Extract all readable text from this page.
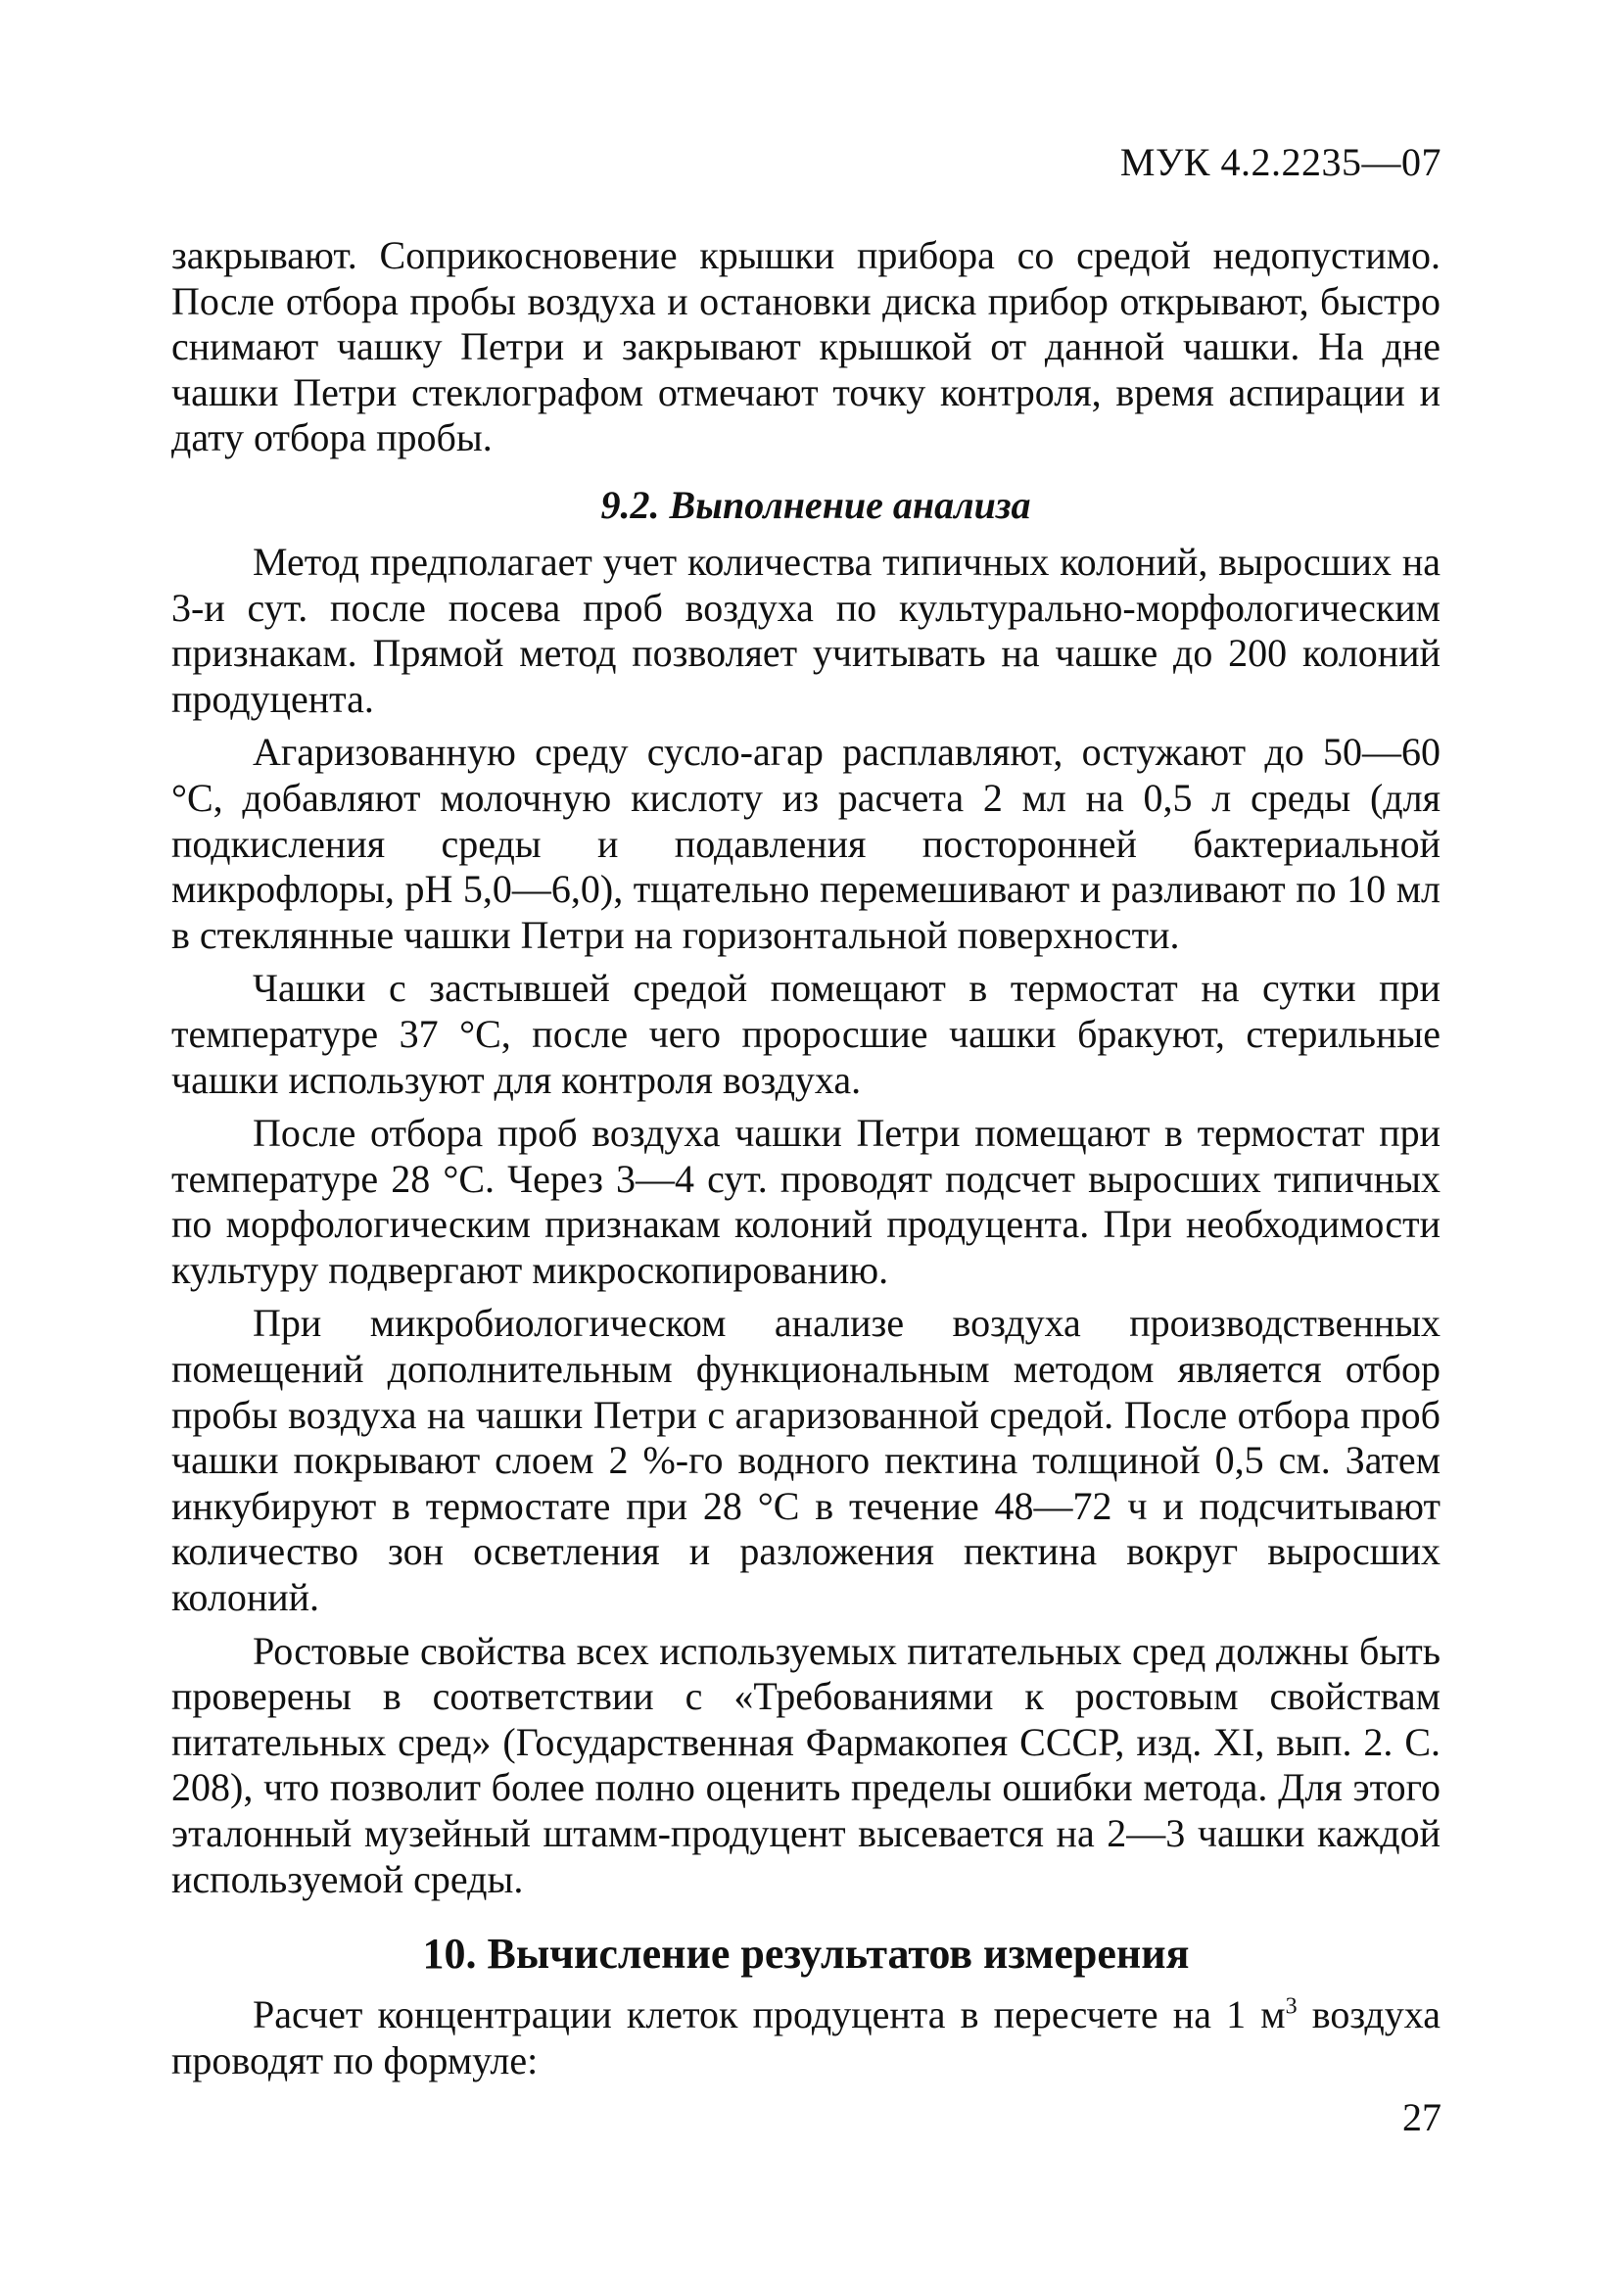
МУК 4.2.2235—07

закрывают. Соприкосновение крышки прибора со средой недопустимо. После отбора пробы воздуха и остановки диска прибор открывают, быстро снимают чашку Петри и закрывают крышкой от данной чашки. На дне чашки Петри стеклографом отмечают точку контроля, время аспирации и дату отбора пробы.

9.2. Выполнение анализа

Метод предполагает учет количества типичных колоний, выросших на 3-и сут. после посева проб воздуха по культурально-морфологическим признакам. Прямой метод позволяет учитывать на чашке до 200 колоний продуцента.

Агаризованную среду сусло-агар расплавляют, остужают до 50—60 °С, добавляют молочную кислоту из расчета 2 мл на 0,5 л среды (для подкисления среды и подавления посторонней бактериальной микрофлоры, pH 5,0—6,0), тщательно перемешивают и разливают по 10 мл в стеклянные чашки Петри на горизонтальной поверхности.

Чашки с застывшей средой помещают в термостат на сутки при температуре 37 °С, после чего проросшие чашки бракуют, стерильные чашки используют для контроля воздуха.

После отбора проб воздуха чашки Петри помещают в термостат при температуре 28 °С. Через 3—4 сут. проводят подсчет выросших типичных по морфологическим признакам колоний продуцента. При необходимости культуру подвергают микроскопированию.

При микробиологическом анализе воздуха производственных помещений дополнительным функциональным методом является отбор пробы воздуха на чашки Петри с агаризованной средой. После отбора проб чашки покрывают слоем 2 %-го водного пектина толщиной 0,5 см. Затем инкубируют в термостате при 28 °С в течение 48—72 ч и подсчитывают количество зон осветления и разложения пектина вокруг выросших колоний.

Ростовые свойства всех используемых питательных сред должны быть проверены в соответствии с «Требованиями к ростовым свойствам питательных сред» (Государственная Фармакопея СССР, изд. XI, вып. 2. С. 208), что позволит более полно оценить пределы ошибки метода. Для этого эталонный музейный штамм-продуцент высевается на 2—3 чашки каждой используемой среды.

10. Вычисление результатов измерения

Расчет концентрации клеток продуцента в пересчете на 1 $м^3$ воздуха проводят по формуле:

27
